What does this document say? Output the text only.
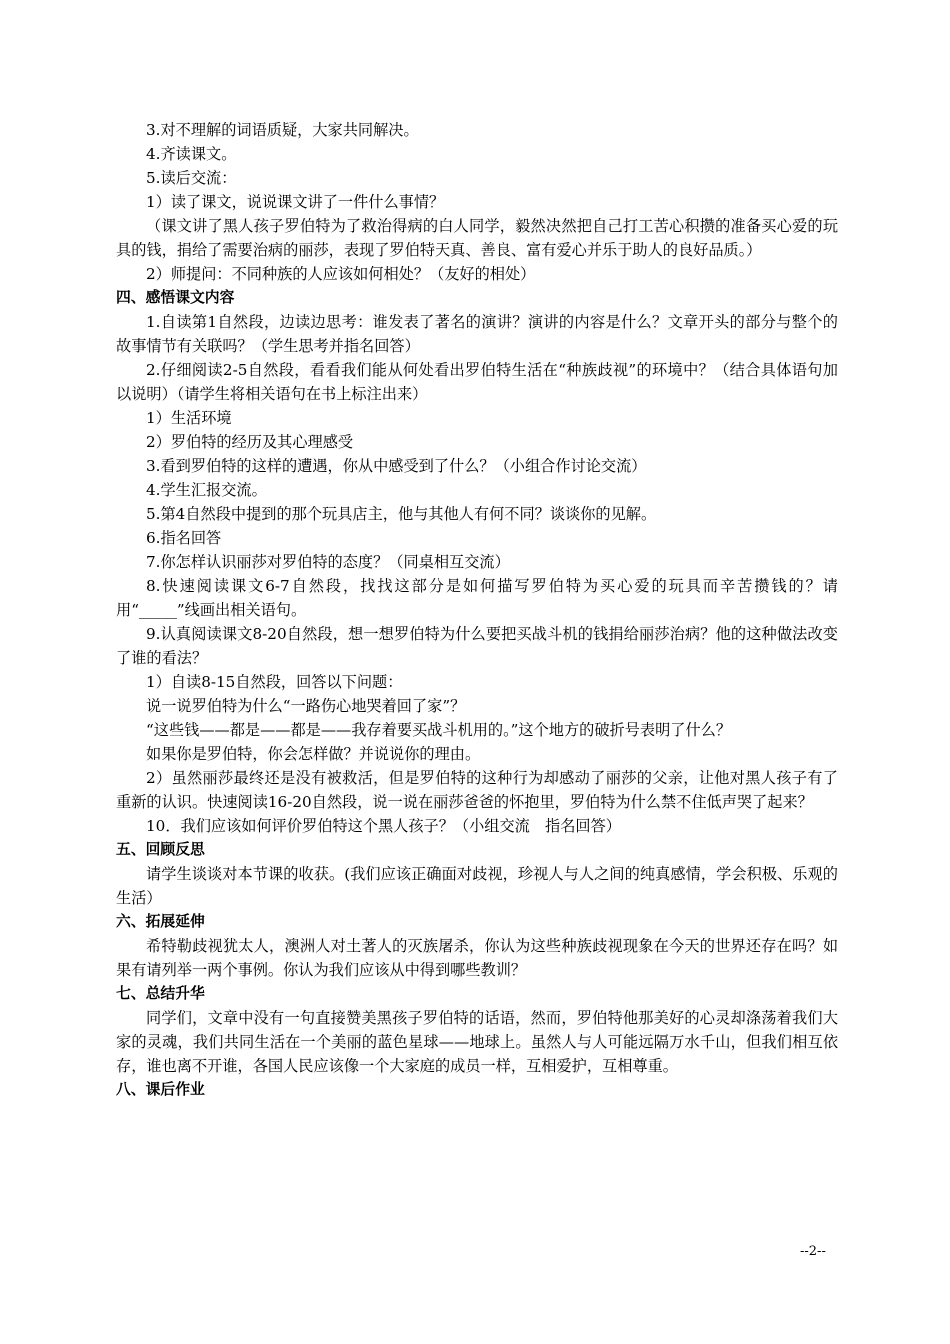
3.对不理解的词语质疑，大家共同解决。

4.齐读课文。

5.读后交流：

1）读了课文，说说课文讲了一件什么事情？

（课文讲了黑人孩子罗伯特为了救治得病的白人同学，毅然决然把自己打工苦心积攒的准备买心爱的玩具的钱，捐给了需要治病的丽莎，表现了罗伯特天真、善良、富有爱心并乐于助人的良好品质。）

2）师提问：不同种族的人应该如何相处？（友好的相处）

四、感悟课文内容

1.自读第1自然段，边读边思考：谁发表了著名的演讲？演讲的内容是什么？文章开头的部分与整个的故事情节有关联吗？（学生思考并指名回答）

2.仔细阅读2-5自然段，看看我们能从何处看出罗伯特生活在“种族歧视”的环境中？（结合具体语句加以说明）（请学生将相关语句在书上标注出来）

1）生活环境

2）罗伯特的经历及其心理感受

3.看到罗伯特的这样的遭遇，你从中感受到了什么？（小组合作讨论交流）

4.学生汇报交流。

5.第4自然段中提到的那个玩具店主，他与其他人有何不同？谈谈你的见解。

6.指名回答

7.你怎样认识丽莎对罗伯特的态度？（同桌相互交流）

8.快速阅读课文6-7自然段，找找这部分是如何描写罗伯特为买心爱的玩具而辛苦攒钱的？请用“_____”线画出相关语句。

9.认真阅读课文8-20自然段，想一想罗伯特为什么要把买战斗机的钱捐给丽莎治病？他的这种做法改变了谁的看法？

1）自读8-15自然段，回答以下问题：

说一说罗伯特为什么“一路伤心地哭着回了家”？

“这些钱——都是——都是——我存着要买战斗机用的。”这个地方的破折号表明了什么？

如果你是罗伯特，你会怎样做？并说说你的理由。

2）虽然丽莎最终还是没有被救活，但是罗伯特的这种行为却感动了丽莎的父亲，让他对黑人孩子有了重新的认识。快速阅读16-20自然段，说一说在丽莎爸爸的怀抱里，罗伯特为什么禁不住低声哭了起来？

10．我们应该如何评价罗伯特这个黑人孩子？（小组交流　指名回答）

五、回顾反思

请学生谈谈对本节课的收获。(我们应该正确面对歧视，珍视人与人之间的纯真感情，学会积极、乐观的生活）

六、拓展延伸

希特勒歧视犹太人，澳洲人对土著人的灭族屠杀，你认为这些种族歧视现象在今天的世界还存在吗？如果有请列举一两个事例。你认为我们应该从中得到哪些教训？

七、总结升华

同学们，文章中没有一句直接赞美黑孩子罗伯特的话语，然而，罗伯特他那美好的心灵却涤荡着我们大家的灵魂，我们共同生活在一个美丽的蓝色星球——地球上。虽然人与人可能远隔万水千山，但我们相互依存，谁也离不开谁，各国人民应该像一个大家庭的成员一样，互相爱护，互相尊重。

八、课后作业

--2--
